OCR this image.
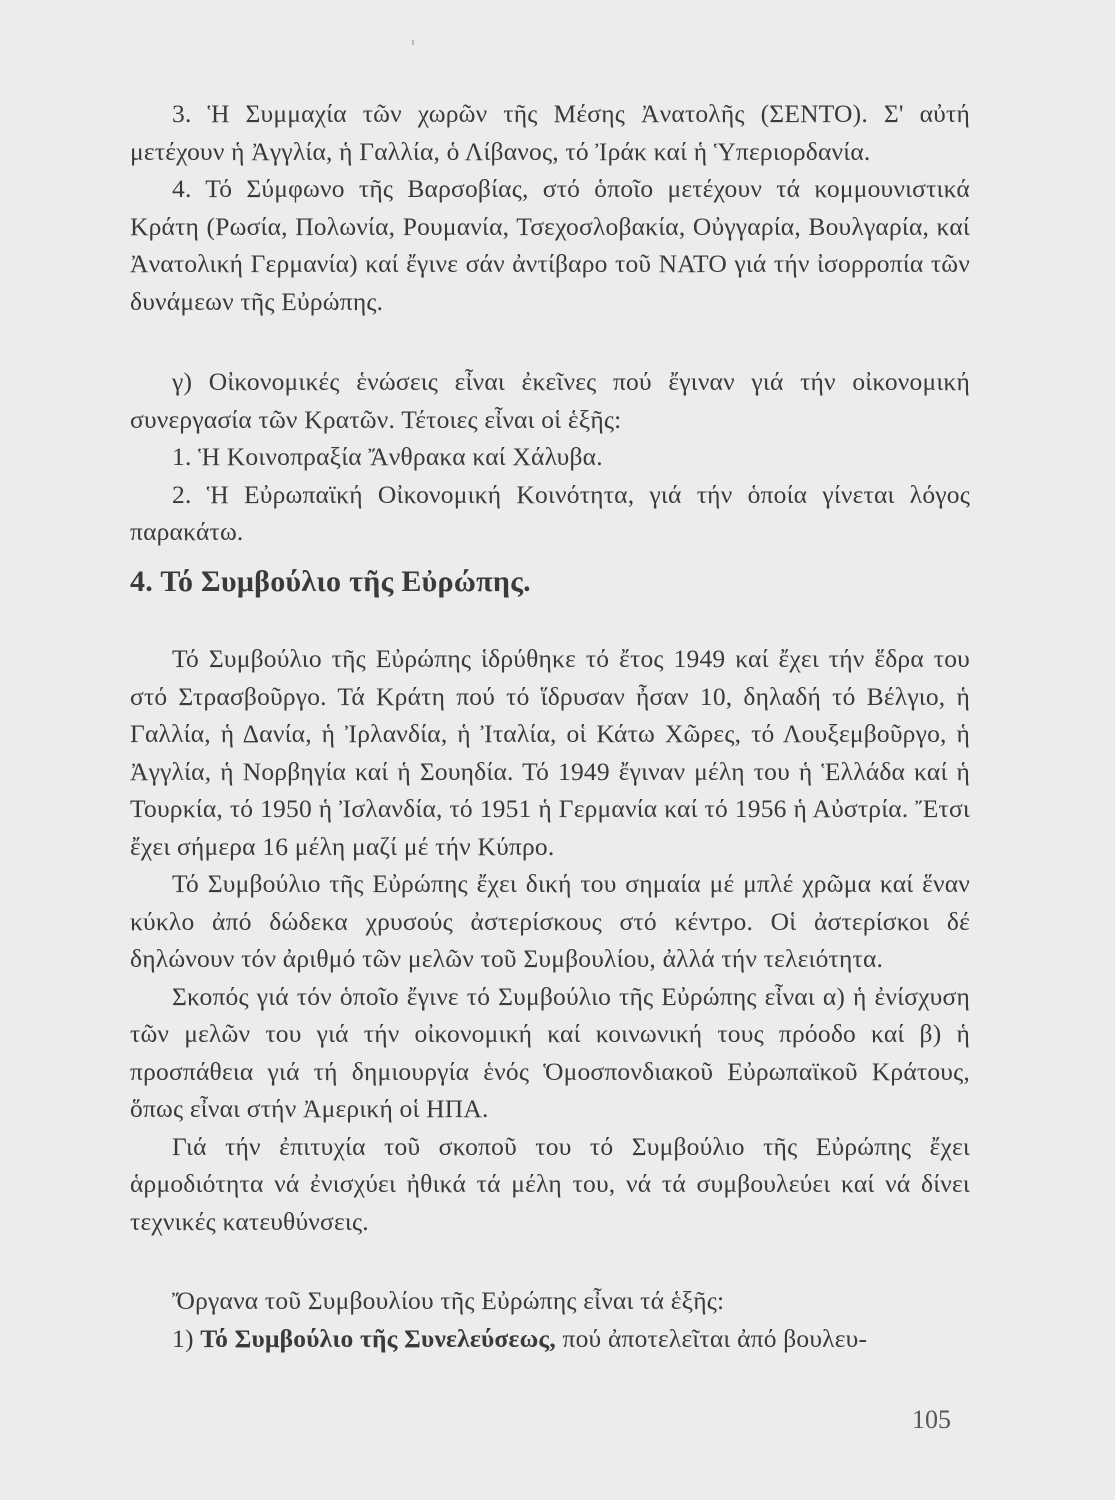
3. Ἡ Συμμαχία τῶν χωρῶν τῆς Μέσης Ἀνατολῆς (ΣΕΝΤΟ). Σ' αὐτή μετέχουν ἡ Ἀγγλία, ἡ Γαλλία, ὁ Λίβανος, τό Ἰράκ καί ἡ Ὑπεριορδανία.

4. Τό Σύμφωνο τῆς Βαρσοβίας, στό ὁποῖο μετέχουν τά κομμουνιστικά Κράτη (Ρωσία, Πολωνία, Ρουμανία, Τσεχοσλοβακία, Οὐγγαρία, Βουλγαρία, καί Ἀνατολική Γερμανία) καί ἔγινε σάν ἀντίβαρο τοῦ ΝΑΤΟ γιά τήν ἰσορροπία τῶν δυνάμεων τῆς Εὐρώπης.

γ) Οἰκονομικές ἑνώσεις εἶναι ἐκεῖνες πού ἔγιναν γιά τήν οἰκονομική συνεργασία τῶν Κρατῶν. Τέτοιες εἶναι οἱ ἑξῆς:

1. Ἡ Κοινοπραξία Ἄνθρακα καί Χάλυβα.

2. Ἡ Εὐρωπαϊκή Οἰκονομική Κοινότητα, γιά τήν ὁποία γίνεται λόγος παρακάτω.

4. Τό Συμβούλιο τῆς Εὐρώπης.

Τό Συμβούλιο τῆς Εὐρώπης ἱδρύθηκε τό ἔτος 1949 καί ἔχει τήν ἕδρα του στό Στρασβοῦργο. Τά Κράτη πού τό ἵδρυσαν ἦσαν 10, δηλαδή τό Βέλγιο, ἡ Γαλλία, ἡ Δανία, ἡ Ἰρλανδία, ἡ Ἰταλία, οἱ Κάτω Χῶρες, τό Λουξεμβοῦργο, ἡ Ἀγγλία, ἡ Νορβηγία καί ἡ Σουηδία. Τό 1949 ἔγιναν μέλη του ἡ Ἑλλάδα καί ἡ Τουρκία, τό 1950 ἡ Ἰσλανδία, τό 1951 ἡ Γερμανία καί τό 1956 ἡ Αὐστρία. Ἔτσι ἔχει σήμερα 16 μέλη μαζί μέ τήν Κύπρο.

Τό Συμβούλιο τῆς Εὐρώπης ἔχει δική του σημαία μέ μπλέ χρῶμα καί ἕναν κύκλο ἀπό δώδεκα χρυσούς ἀστερίσκους στό κέντρο. Οἱ ἀστερίσκοι δέ δηλώνουν τόν ἀριθμό τῶν μελῶν τοῦ Συμβουλίου, ἀλλά τήν τελειότητα.

Σκοπός γιά τόν ὁποῖο ἔγινε τό Συμβούλιο τῆς Εὐρώπης εἶναι α) ἡ ἐνίσχυση τῶν μελῶν του γιά τήν οἰκονομική καί κοινωνική τους πρόοδο καί β) ἡ προσπάθεια γιά τή δημιουργία ἑνός Ὁμοσπονδιακοῦ Εὐρωπαϊκοῦ Κράτους, ὅπως εἶναι στήν Ἀμερική οἱ ΗΠΑ.

Γιά τήν ἐπιτυχία τοῦ σκοποῦ του τό Συμβούλιο τῆς Εὐρώπης ἔχει ἁρμοδιότητα νά ἐνισχύει ἠθικά τά μέλη του, νά τά συμβουλεύει καί νά δίνει τεχνικές κατευθύνσεις.

Ὄργανα τοῦ Συμβουλίου τῆς Εὐρώπης εἶναι τά ἑξῆς:

1) Τό Συμβούλιο τῆς Συνελεύσεως, πού ἀποτελεῖται ἀπό βουλευ-

105
